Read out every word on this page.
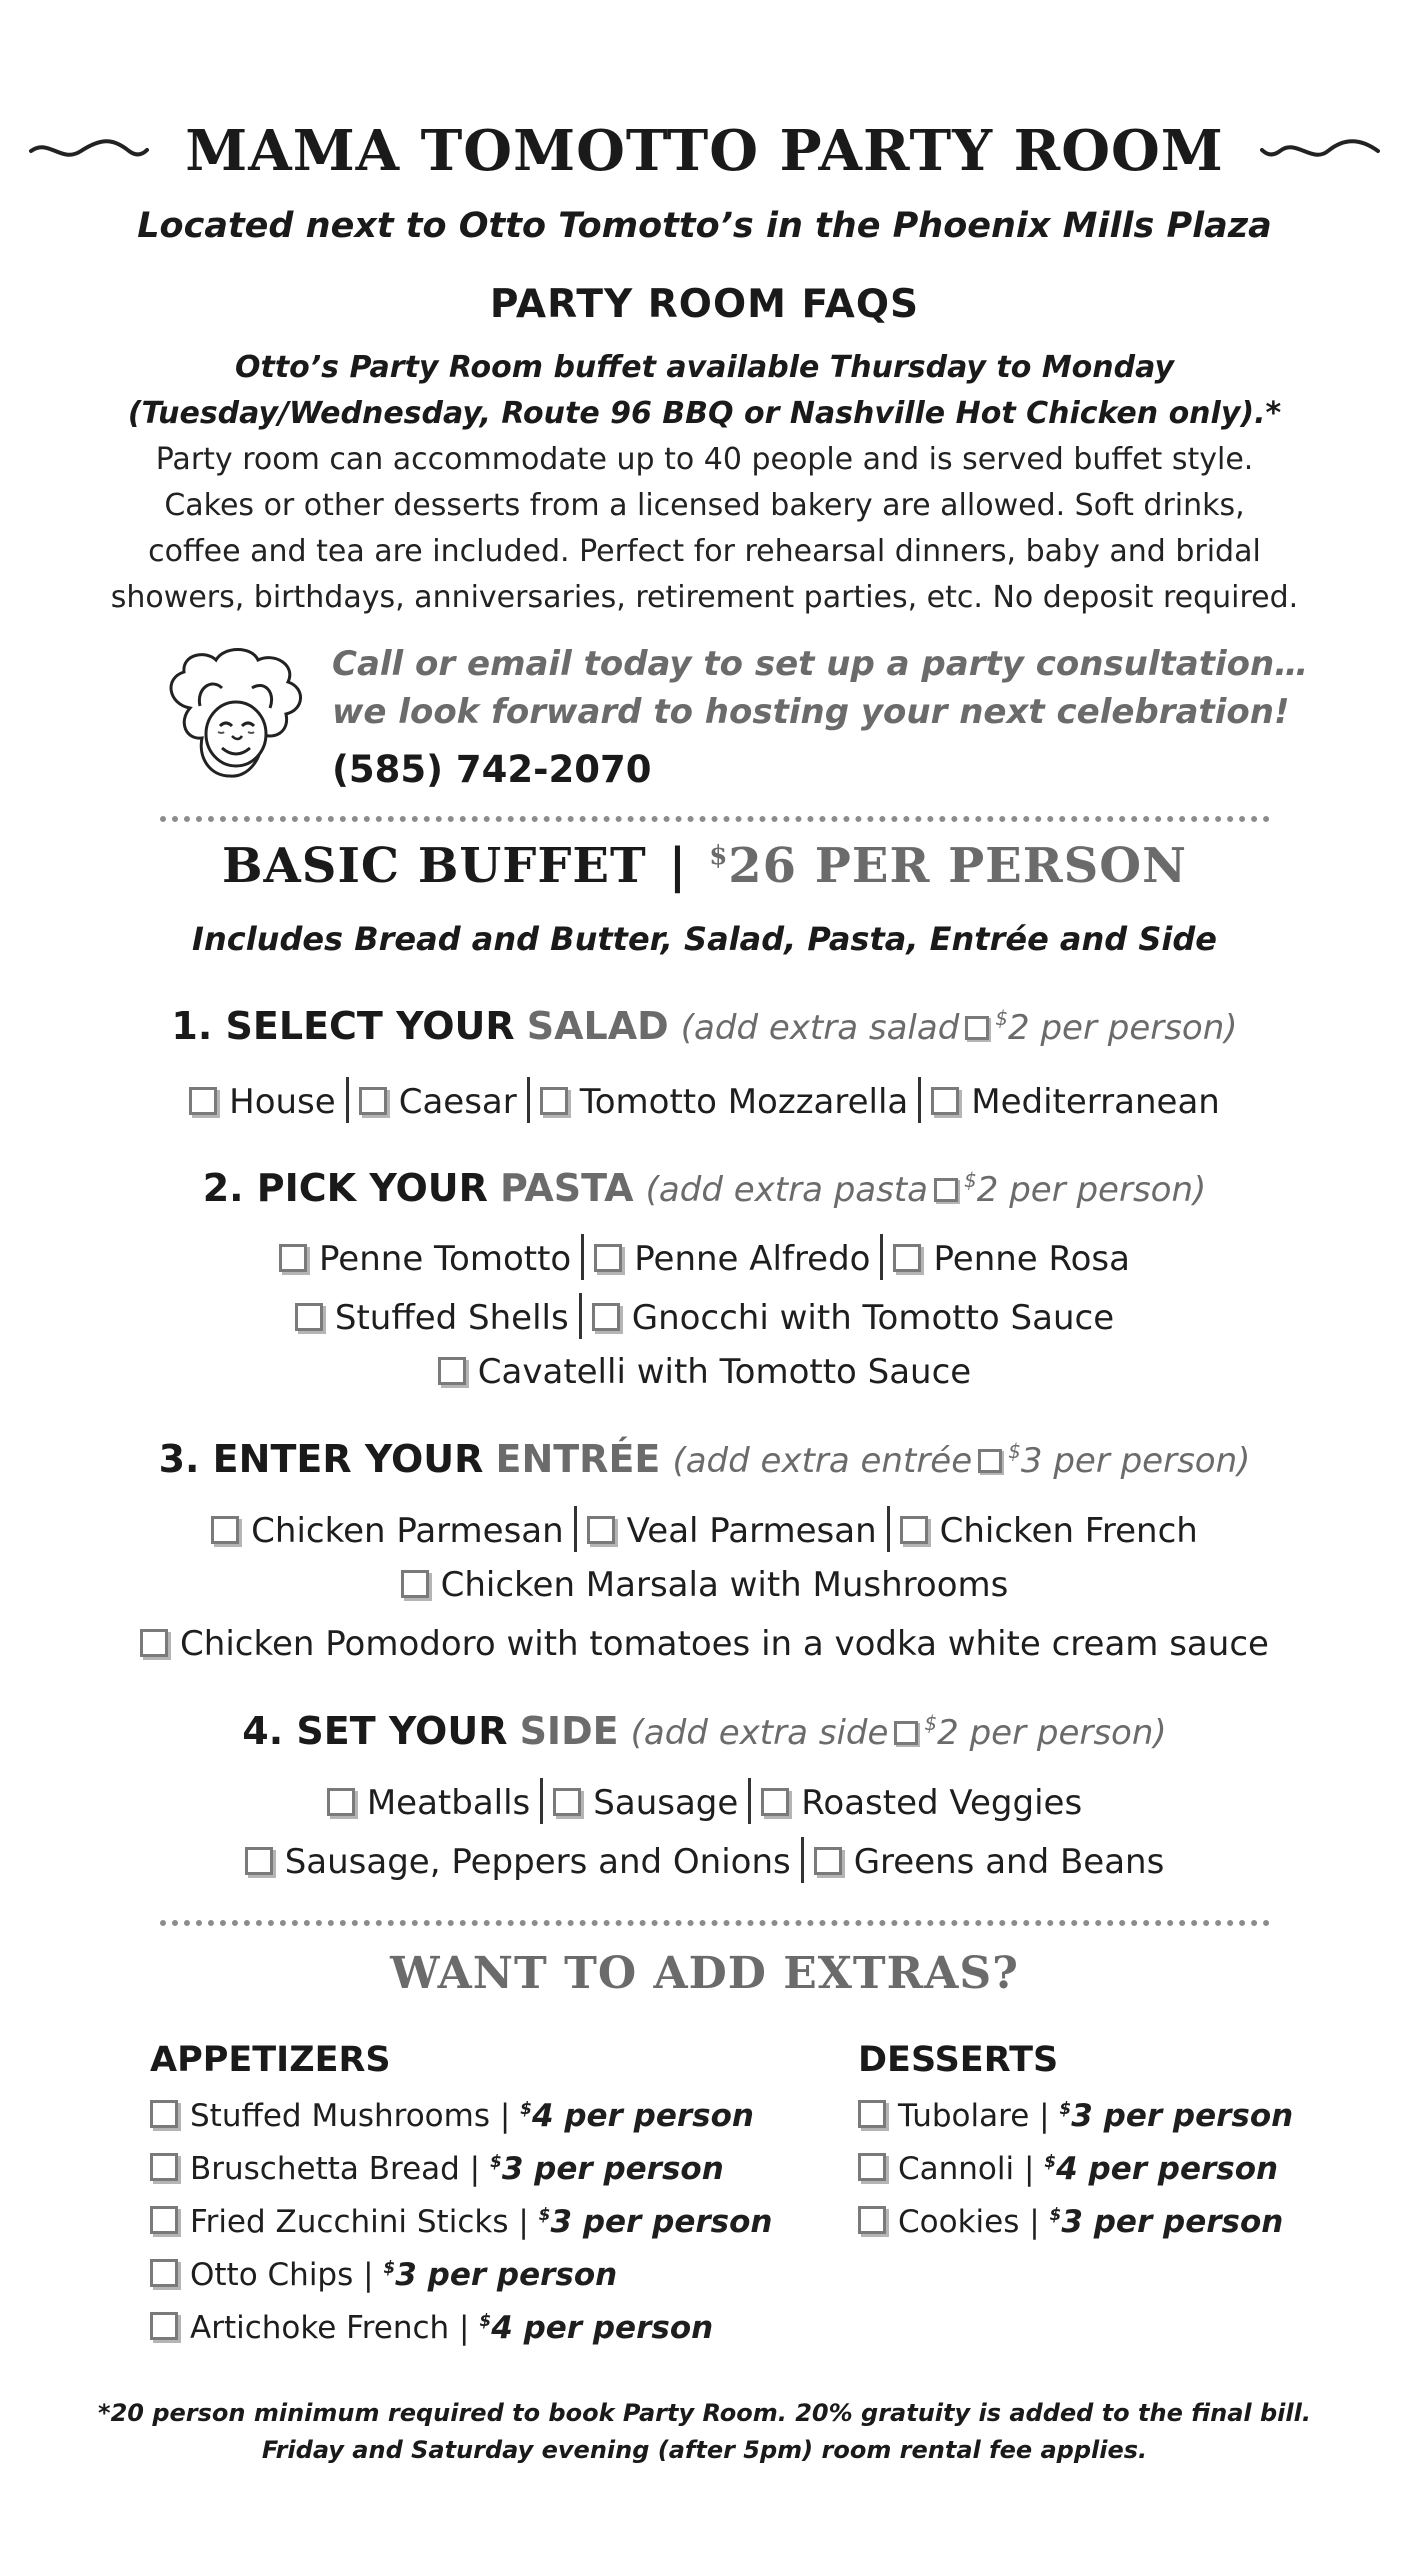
MAMA TOMOTTO PARTY ROOM
Located next to Otto Tomotto’s in the Phoenix Mills Plaza
PARTY ROOM FAQS
Otto’s Party Room buffet available Thursday to Monday
(Tuesday/Wednesday, Route 96 BBQ or Nashville Hot Chicken only).*
Party room can accommodate up to 40 people and is served buffet style.
Cakes or other desserts from a licensed bakery are allowed. Soft drinks,
coffee and tea are included. Perfect for rehearsal dinners, baby and bridal
showers, birthdays, anniversaries, retirement parties, etc. No deposit required.
Call or email today to set up a party consultation…
we look forward to hosting your next celebration!
(585) 742-2070
BASIC BUFFET | $26 PER PERSON
Includes Bread and Butter, Salad, Pasta, Entrée and Side
1. SELECT YOUR SALAD (add extra salad $2 per person)
House Caesar Tomotto Mozzarella Mediterranean
2. PICK YOUR PASTA (add extra pasta $2 per person)
Penne Tomotto Penne Alfredo Penne Rosa
Stuffed Shells Gnocchi with Tomotto Sauce
Cavatelli with Tomotto Sauce
3. ENTER YOUR ENTRÉE (add extra entrée $3 per person)
Chicken Parmesan Veal Parmesan Chicken French
Chicken Marsala with Mushrooms
Chicken Pomodoro with tomatoes in a vodka white cream sauce
4. SET YOUR SIDE (add extra side $2 per person)
Meatballs Sausage Roasted Veggies
Sausage, Peppers and Onions Greens and Beans
WANT TO ADD EXTRAS?
APPETIZERS
Stuffed Mushrooms | $4 per person
Bruschetta Bread | $3 per person
Fried Zucchini Sticks | $3 per person
Otto Chips | $3 per person
Artichoke French | $4 per person
DESSERTS
Tubolare | $3 per person
Cannoli | $4 per person
Cookies | $3 per person
*20 person minimum required to book Party Room. 20% gratuity is added to the final bill.
Friday and Saturday evening (after 5pm) room rental fee applies.
